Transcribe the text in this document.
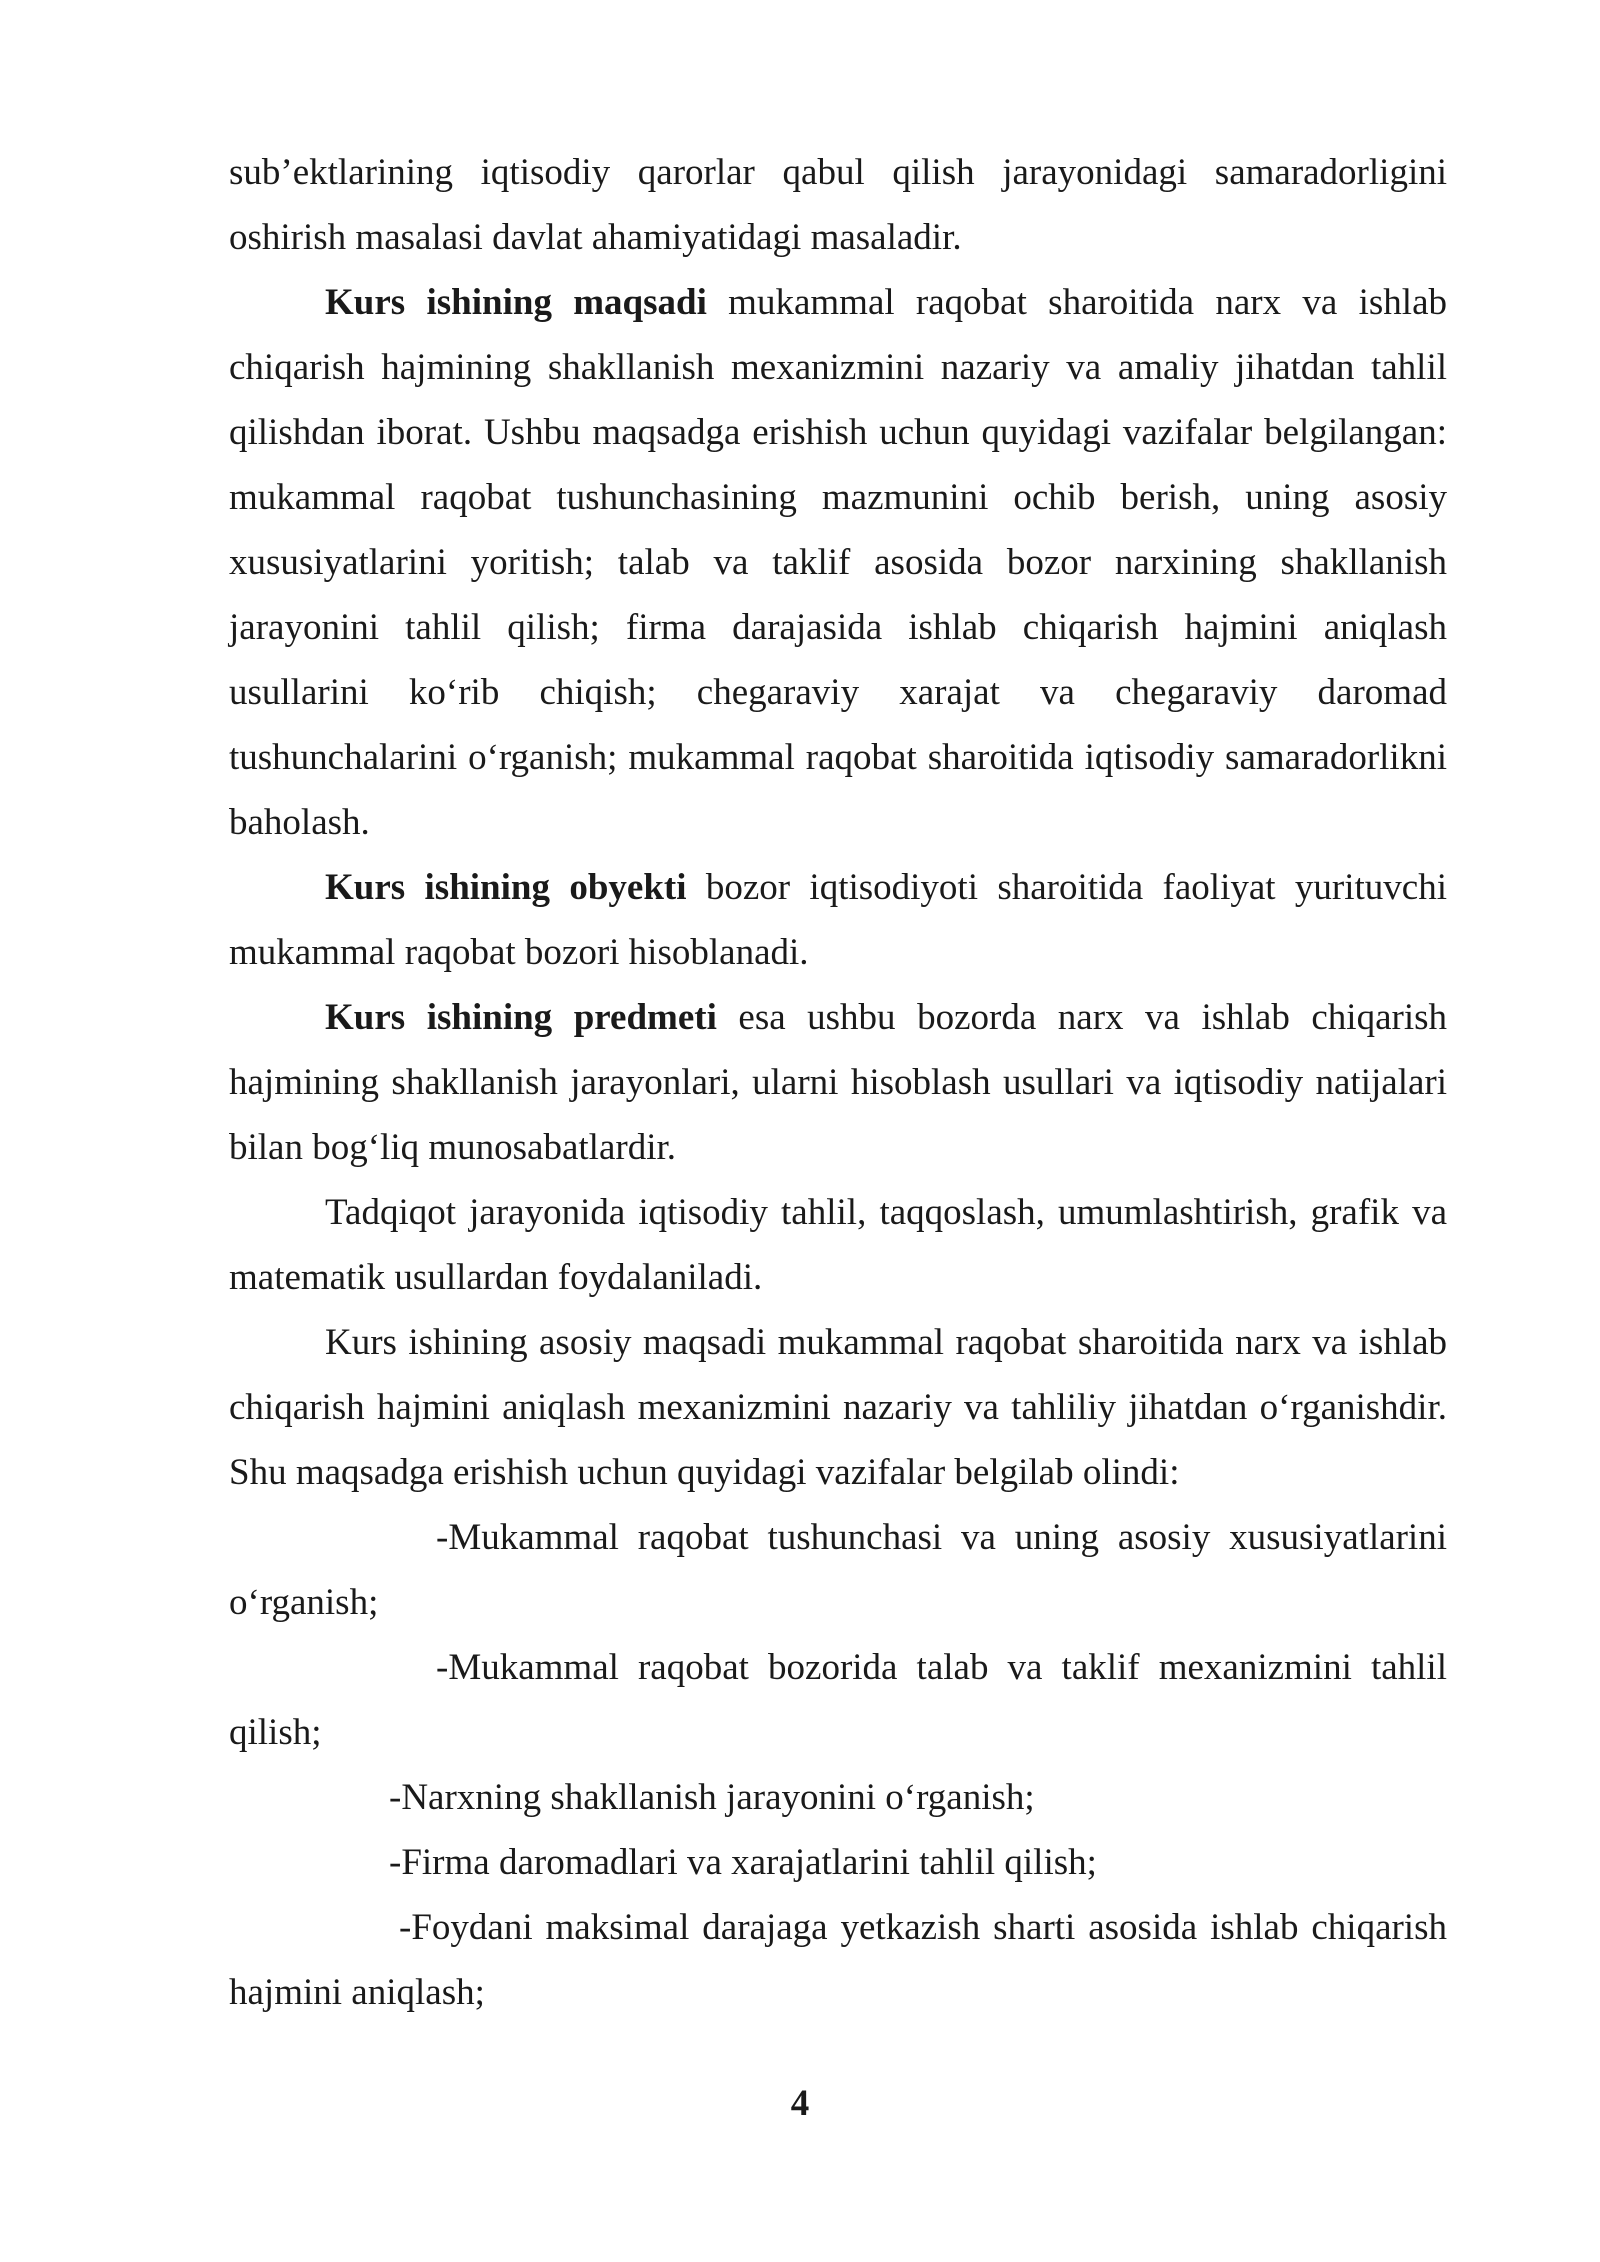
sub’ektlarining iqtisodiy qarorlar qabul qilish jarayonidagi samaradorligini oshirish masalasi davlat ahamiyatidagi masaladir.

Kurs ishining maqsadi mukammal raqobat sharoitida narx va ishlab chiqarish hajmining shakllanish mexanizmini nazariy va amaliy jihatdan tahlil qilishdan iborat. Ushbu maqsadga erishish uchun quyidagi vazifalar belgilangan: mukammal raqobat tushunchasining mazmunini ochib berish, uning asosiy xususiyatlarini yoritish; talab va taklif asosida bozor narxining shakllanish jarayonini tahlil qilish; firma darajasida ishlab chiqarish hajmini aniqlash usullarini ko‘rib chiqish; chegaraviy xarajat va chegaraviy daromad tushunchalarini o‘rganish; mukammal raqobat sharoitida iqtisodiy samaradorlikni baholash.

Kurs ishining obyekti bozor iqtisodiyoti sharoitida faoliyat yurituvchi mukammal raqobat bozori hisoblanadi.

Kurs ishining predmeti esa ushbu bozorda narx va ishlab chiqarish hajmining shakllanish jarayonlari, ularni hisoblash usullari va iqtisodiy natijalari bilan bog‘liq munosabatlardir.

Tadqiqot jarayonida iqtisodiy tahlil, taqqoslash, umumlashtirish, grafik va matematik usullardan foydalaniladi.

Kurs ishining asosiy maqsadi mukammal raqobat sharoitida narx va ishlab chiqarish hajmini aniqlash mexanizmini nazariy va tahliliy jihatdan o‘rganishdir. Shu maqsadga erishish uchun quyidagi vazifalar belgilab olindi:

-Mukammal raqobat tushunchasi va uning asosiy xususiyatlarini o‘rganish;

-Mukammal raqobat bozorida talab va taklif mexanizmini tahlil qilish;

-Narxning shakllanish jarayonini o‘rganish;

-Firma daromadlari va xarajatlarini tahlil qilish;

-Foydani maksimal darajaga yetkazish sharti asosida ishlab chiqarish hajmini aniqlash;

4
